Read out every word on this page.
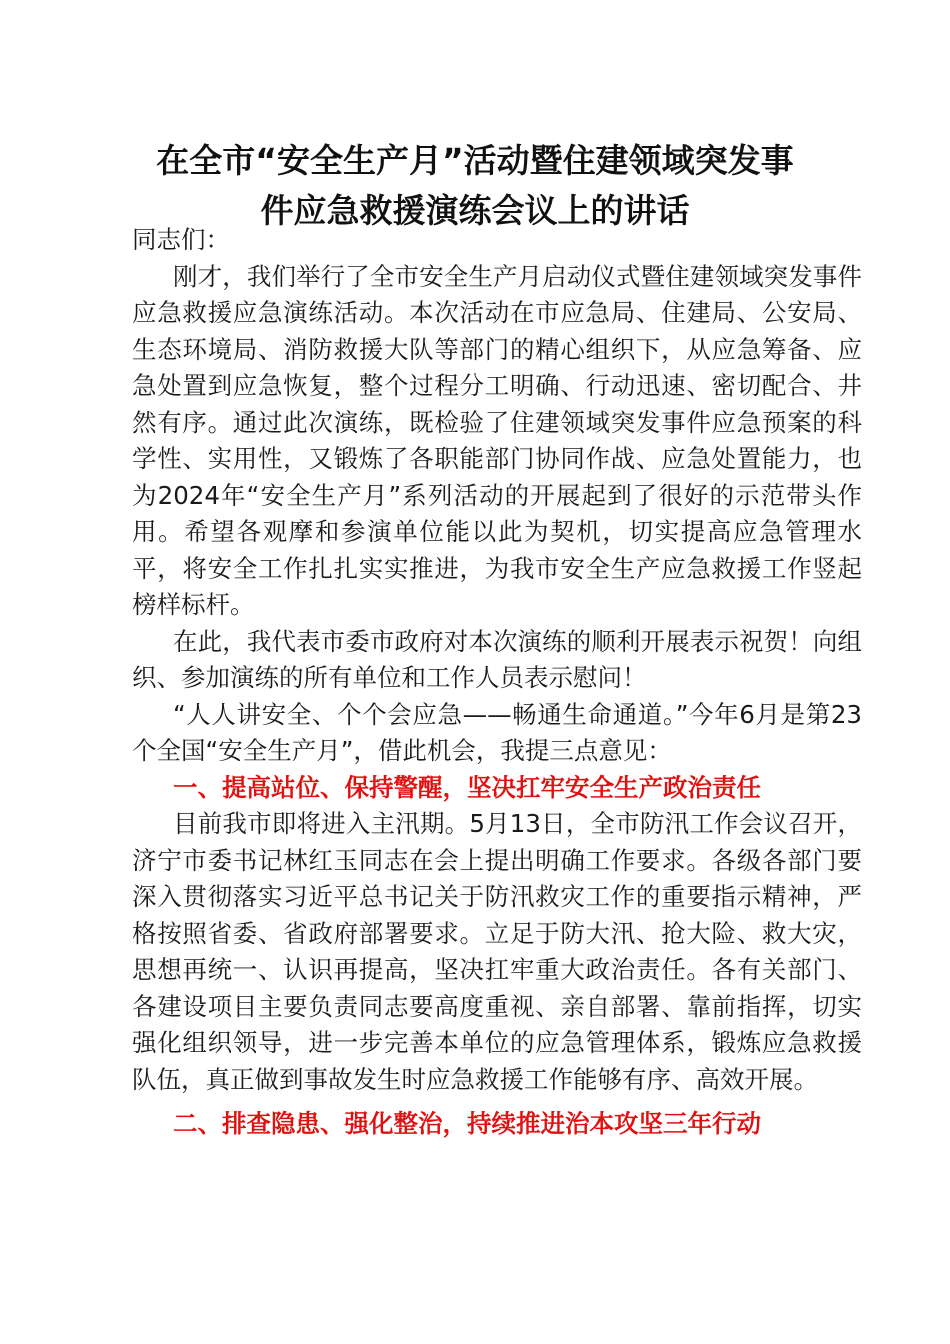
在全市“安全生产月”活动暨住建领域突发事
件应急救援演练会议上的讲话

同志们：

刚才，我们举行了全市安全生产月启动仪式暨住建领域突发事件应急救援应急演练活动。本次活动在市应急局、住建局、公安局、生态环境局、消防救援大队等部门的精心组织下，从应急筹备、应急处置到应急恢复，整个过程分工明确、行动迅速、密切配合、井然有序。通过此次演练，既检验了住建领域突发事件应急预案的科学性、实用性，又锻炼了各职能部门协同作战、应急处置能力，也为2024年“安全生产月”系列活动的开展起到了很好的示范带头作用。希望各观摩和参演单位能以此为契机，切实提高应急管理水平，将安全工作扎扎实实推进，为我市安全生产应急救援工作竖起榜样标杆。

在此，我代表市委市政府对本次演练的顺利开展表示祝贺！向组织、参加演练的所有单位和工作人员表示慰问！

“人人讲安全、个个会应急——畅通生命通道。”今年6月是第23个全国“安全生产月”，借此机会，我提三点意见：

一、提高站位、保持警醒，坚决扛牢安全生产政治责任

目前我市即将进入主汛期。5月13日，全市防汛工作会议召开，济宁市委书记林红玉同志在会上提出明确工作要求。各级各部门要深入贯彻落实习近平总书记关于防汛救灾工作的重要指示精神，严格按照省委、省政府部署要求。立足于防大汛、抢大险、救大灾，思想再统一、认识再提高，坚决扛牢重大政治责任。各有关部门、各建设项目主要负责同志要高度重视、亲自部署、靠前指挥，切实强化组织领导，进一步完善本单位的应急管理体系，锻炼应急救援队伍，真正做到事故发生时应急救援工作能够有序、高效开展。

二、排查隐患、强化整治，持续推进治本攻坚三年行动
